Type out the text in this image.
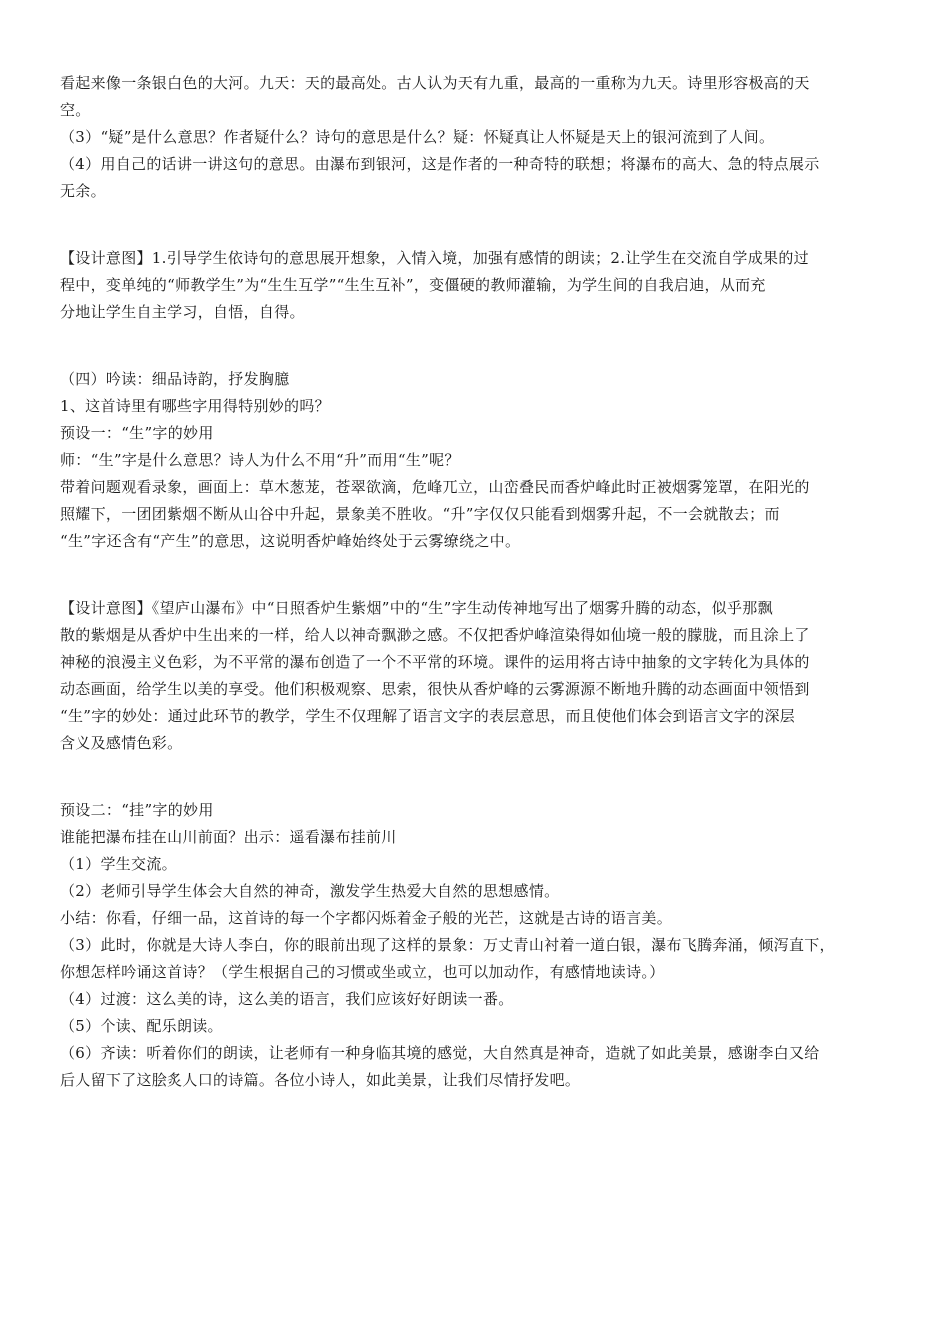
看起来像一条银白色的大河。九天：天的最高处。古人认为天有九重，最高的一重称为九天。诗里形容极高的天
空。
（3）“疑”是什么意思？作者疑什么？诗句的意思是什么？疑：怀疑真让人怀疑是天上的银河流到了人间。
（4）用自己的话讲一讲这句的意思。由瀑布到银河，这是作者的一种奇特的联想；将瀑布的高大、急的特点展示
无余。
【设计意图】1.引导学生依诗句的意思展开想象，入情入境，加强有感情的朗读；2.让学生在交流自学成果的过
程中，变单纯的“师教学生”为“生生互学”“生生互补”，变僵硬的教师灌输，为学生间的自我启迪，从而充
分地让学生自主学习，自悟，自得。
（四）吟读：细品诗韵，抒发胸臆
1、这首诗里有哪些字用得特别妙的吗？
预设一：“生”字的妙用
师：“生”字是什么意思？诗人为什么不用“升”而用“生”呢？
带着问题观看录象，画面上：草木葱茏，苍翠欲滴，危峰兀立，山峦叠民而香炉峰此时正被烟雾笼罩，在阳光的
照耀下，一团团紫烟不断从山谷中升起，景象美不胜收。“升”字仅仅只能看到烟雾升起，不一会就散去；而
“生”字还含有“产生”的意思，这说明香炉峰始终处于云雾缭绕之中。
【设计意图】《望庐山瀑布》中“日照香炉生紫烟”中的“生”字生动传神地写出了烟雾升腾的动态，似乎那飘
散的紫烟是从香炉中生出来的一样，给人以神奇飘渺之感。不仅把香炉峰渲染得如仙境一般的朦胧，而且涂上了
神秘的浪漫主义色彩，为不平常的瀑布创造了一个不平常的环境。课件的运用将古诗中抽象的文字转化为具体的
动态画面，给学生以美的享受。他们积极观察、思索，很快从香炉峰的云雾源源不断地升腾的动态画面中领悟到
“生”字的妙处：通过此环节的教学，学生不仅理解了语言文字的表层意思，而且使他们体会到语言文字的深层
含义及感情色彩。
预设二：“挂”字的妙用
谁能把瀑布挂在山川前面？出示：遥看瀑布挂前川
（1）学生交流。
（2）老师引导学生体会大自然的神奇，激发学生热爱大自然的思想感情。
小结：你看，仔细一品，这首诗的每一个字都闪烁着金子般的光芒，这就是古诗的语言美。
（3）此时，你就是大诗人李白，你的眼前出现了这样的景象：万丈青山衬着一道白银，瀑布飞腾奔涌，倾泻直下，
你想怎样吟诵这首诗？（学生根据自己的习惯或坐或立，也可以加动作，有感情地读诗。）
（4）过渡：这么美的诗，这么美的语言，我们应该好好朗读一番。
（5）个读、配乐朗读。
（6）齐读：听着你们的朗读，让老师有一种身临其境的感觉，大自然真是神奇，造就了如此美景，感谢李白又给
后人留下了这脍炙人口的诗篇。各位小诗人，如此美景，让我们尽情抒发吧。
